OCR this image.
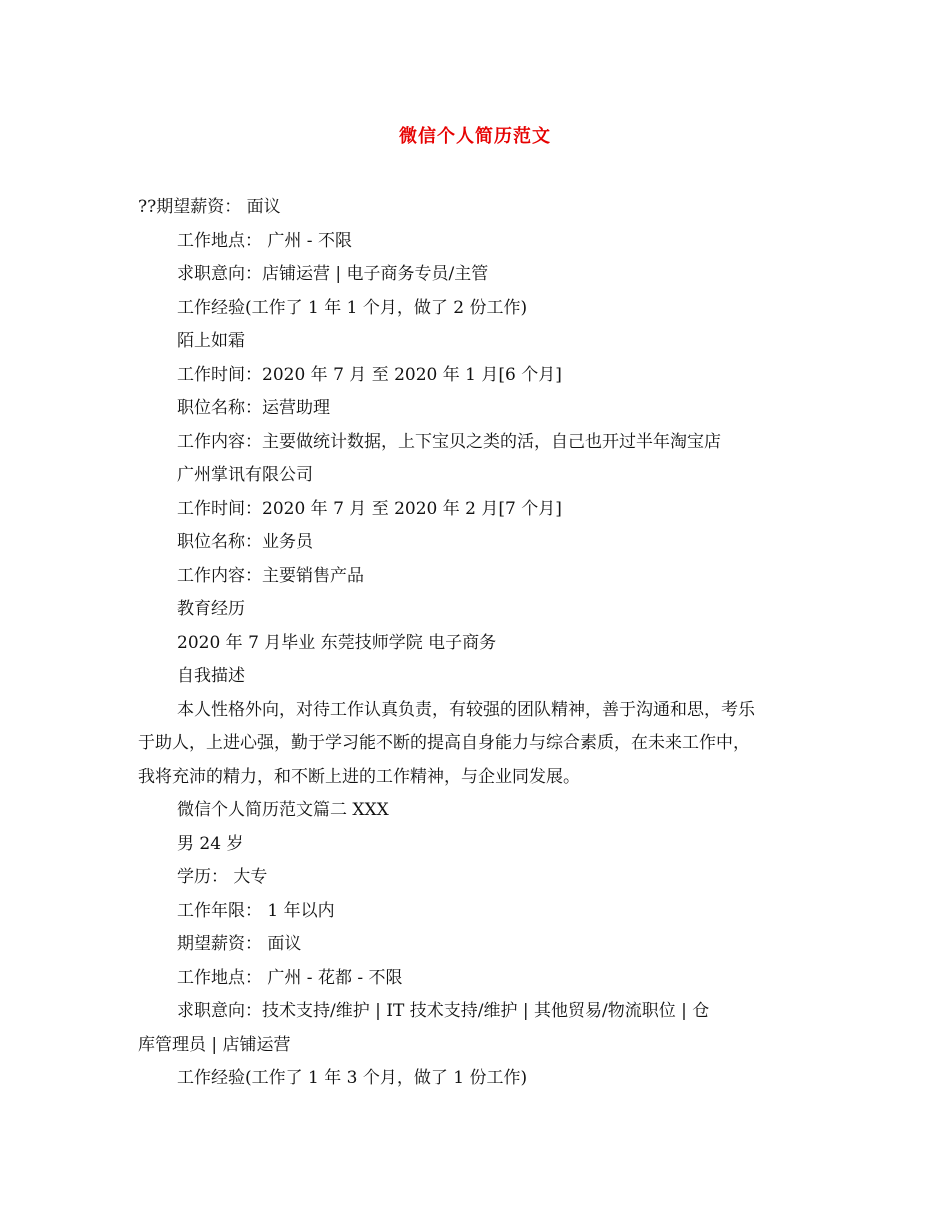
微信个人简历范文
??期望薪资： 面议
工作地点： 广州 - 不限
求职意向：店铺运营 | 电子商务专员/主管
工作经验(工作了 1 年 1 个月，做了 2 份工作)
陌上如霜
工作时间：2020 年 7 月 至 2020 年 1 月[6 个月]
职位名称：运营助理
工作内容：主要做统计数据，上下宝贝之类的活，自己也开过半年淘宝店
广州掌讯有限公司
工作时间：2020 年 7 月 至 2020 年 2 月[7 个月]
职位名称：业务员
工作内容：主要销售产品
教育经历
2020 年 7 月毕业 东莞技师学院 电子商务
自我描述
本人性格外向，对待工作认真负责，有较强的团队精神，善于沟通和思，考乐
于助人，上进心强，勤于学习能不断的提高自身能力与综合素质，在未来工作中，
我将充沛的精力，和不断上进的工作精神，与企业同发展。
微信个人简历范文篇二 XXX
男 24 岁
学历： 大专
工作年限： 1 年以内
期望薪资： 面议
工作地点： 广州 - 花都 - 不限
求职意向：技术支持/维护 | IT 技术支持/维护 | 其他贸易/物流职位 | 仓
库管理员 | 店铺运营
工作经验(工作了 1 年 3 个月，做了 1 份工作)
